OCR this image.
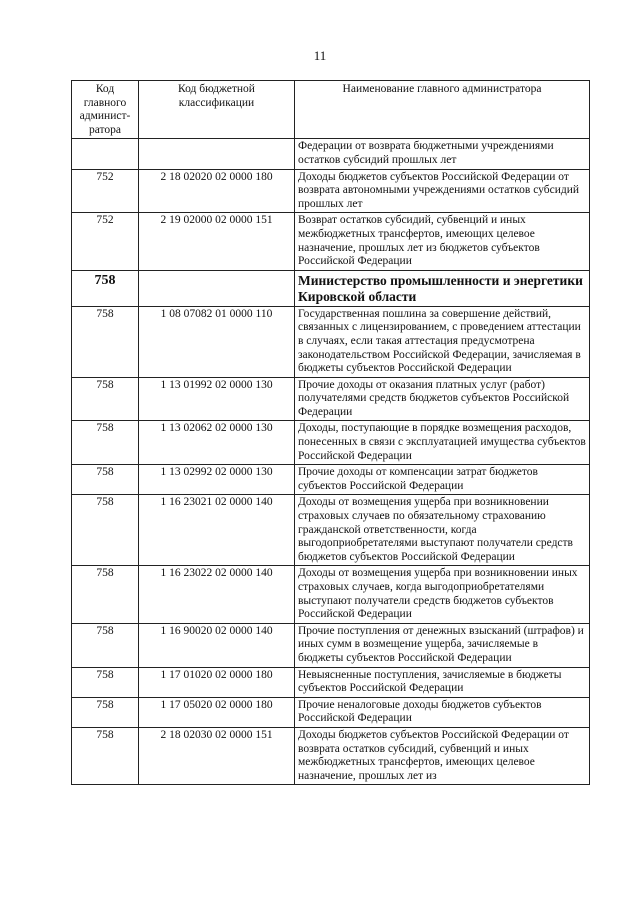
11
Код главного админист-ратора	Код бюджетной классификации	Наименование главного администратора
		Федерации от возврата бюджетными учреждениями остатков субсидий прошлых лет
752	2 18 02020 02 0000 180	Доходы бюджетов субъектов Российской Федерации от возврата автономными учреждениями остатков субсидий прошлых лет
752	2 19 02000 02 0000 151	Возврат остатков субсидий, субвенций и иных межбюджетных трансфертов, имеющих целевое назначение, прошлых лет из бюджетов субъектов Российской Федерации
758		Министерство промышленности и энергетики Кировской области
758	1 08 07082 01 0000 110	Государственная пошлина за совершение действий, связанных с лицензированием, с проведением аттестации в случаях, если такая аттестация предусмотрена законодательством Российской Федерации, зачисляемая в бюджеты субъектов Российской Федерации
758	1 13 01992 02 0000 130	Прочие доходы от оказания платных услуг (работ) получателями средств бюджетов субъектов Российской Федерации
758	1 13 02062 02 0000 130	Доходы, поступающие в порядке возмещения расходов, понесенных в связи с эксплуатацией имущества субъектов Российской Федерации
758	1 13 02992 02 0000 130	Прочие доходы от компенсации затрат бюджетов субъектов Российской Федерации
758	1 16 23021 02 0000 140	Доходы от возмещения ущерба при возникновении страховых случаев по обязательному страхованию гражданской ответственности, когда выгодоприобретателями выступают получатели средств бюджетов субъектов Российской Федерации
758	1 16 23022 02 0000 140	Доходы от возмещения ущерба при возникновении иных страховых случаев, когда выгодоприобретателями выступают получатели средств бюджетов субъектов Российской Федерации
758	1 16 90020 02 0000 140	Прочие поступления от денежных взысканий (штрафов) и иных сумм в возмещение ущерба, зачисляемые в бюджеты субъектов Российской Федерации
758	1 17 01020 02 0000 180	Невыясненные поступления, зачисляемые в бюджеты субъектов Российской Федерации
758	1 17 05020 02 0000 180	Прочие неналоговые доходы бюджетов субъектов Российской Федерации
758	2 18 02030 02 0000 151	Доходы бюджетов субъектов Российской Федерации от возврата остатков субсидий, субвенций и иных межбюджетных трансфертов, имеющих целевое назначение, прошлых лет из
